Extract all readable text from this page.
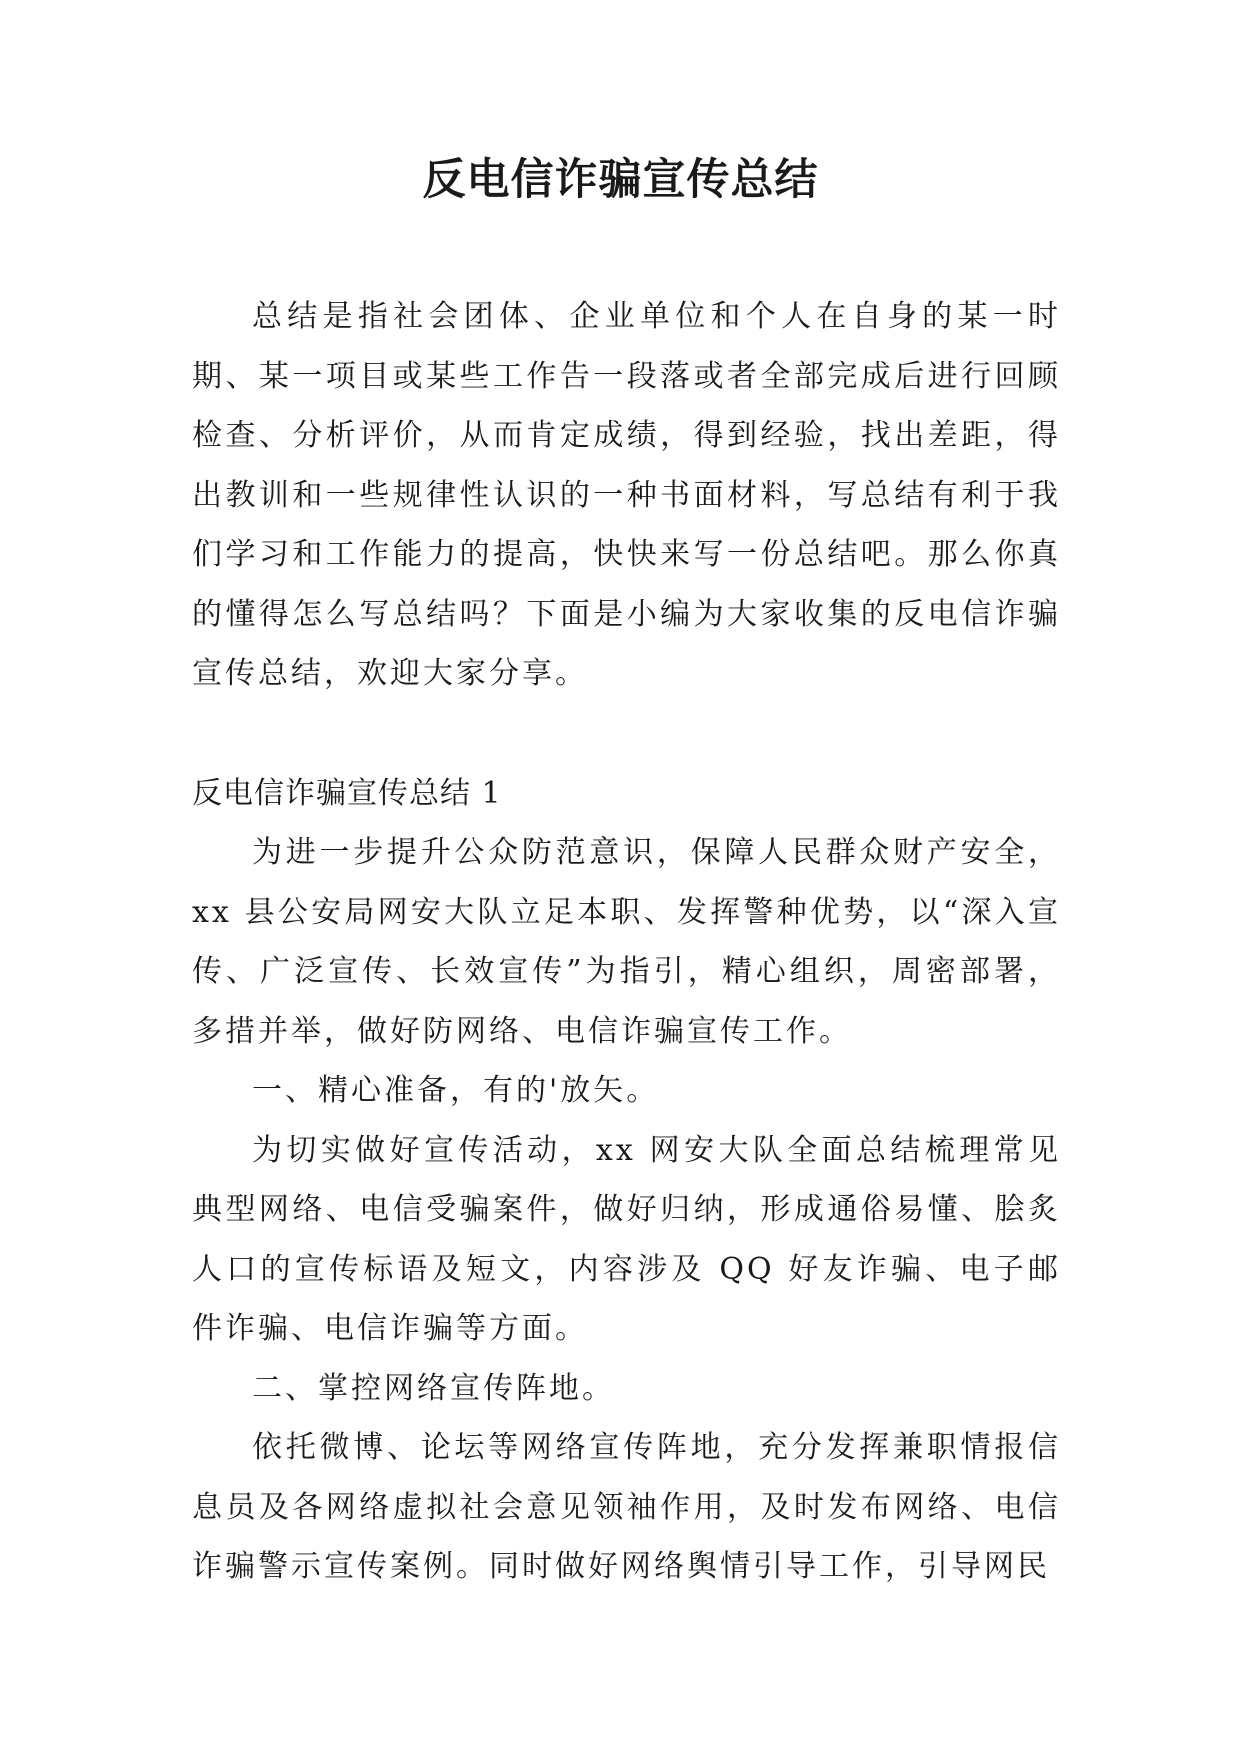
反电信诈骗宣传总结

总结是指社会团体、企业单位和个人在自身的某一时期、某一项目或某些工作告一段落或者全部完成后进行回顾检查、分析评价，从而肯定成绩，得到经验，找出差距，得出教训和一些规律性认识的一种书面材料，写总结有利于我们学习和工作能力的提高，快快来写一份总结吧。那么你真的懂得怎么写总结吗？下面是小编为大家收集的反电信诈骗宣传总结，欢迎大家分享。

反电信诈骗宣传总结 1

为进一步提升公众防范意识，保障人民群众财产安全，xx 县公安局网安大队立足本职、发挥警种优势，以“深入宣传、广泛宣传、长效宣传”为指引，精心组织，周密部署，多措并举，做好防网络、电信诈骗宣传工作。

一、精心准备，有的'放矢。

为切实做好宣传活动，xx 网安大队全面总结梳理常见典型网络、电信受骗案件，做好归纳，形成通俗易懂、脍炙人口的宣传标语及短文，内容涉及 QQ 好友诈骗、电子邮件诈骗、电信诈骗等方面。

二、掌控网络宣传阵地。

依托微博、论坛等网络宣传阵地，充分发挥兼职情报信息员及各网络虚拟社会意见领袖作用，及时发布网络、电信诈骗警示宣传案例。同时做好网络舆情引导工作，引导网民
